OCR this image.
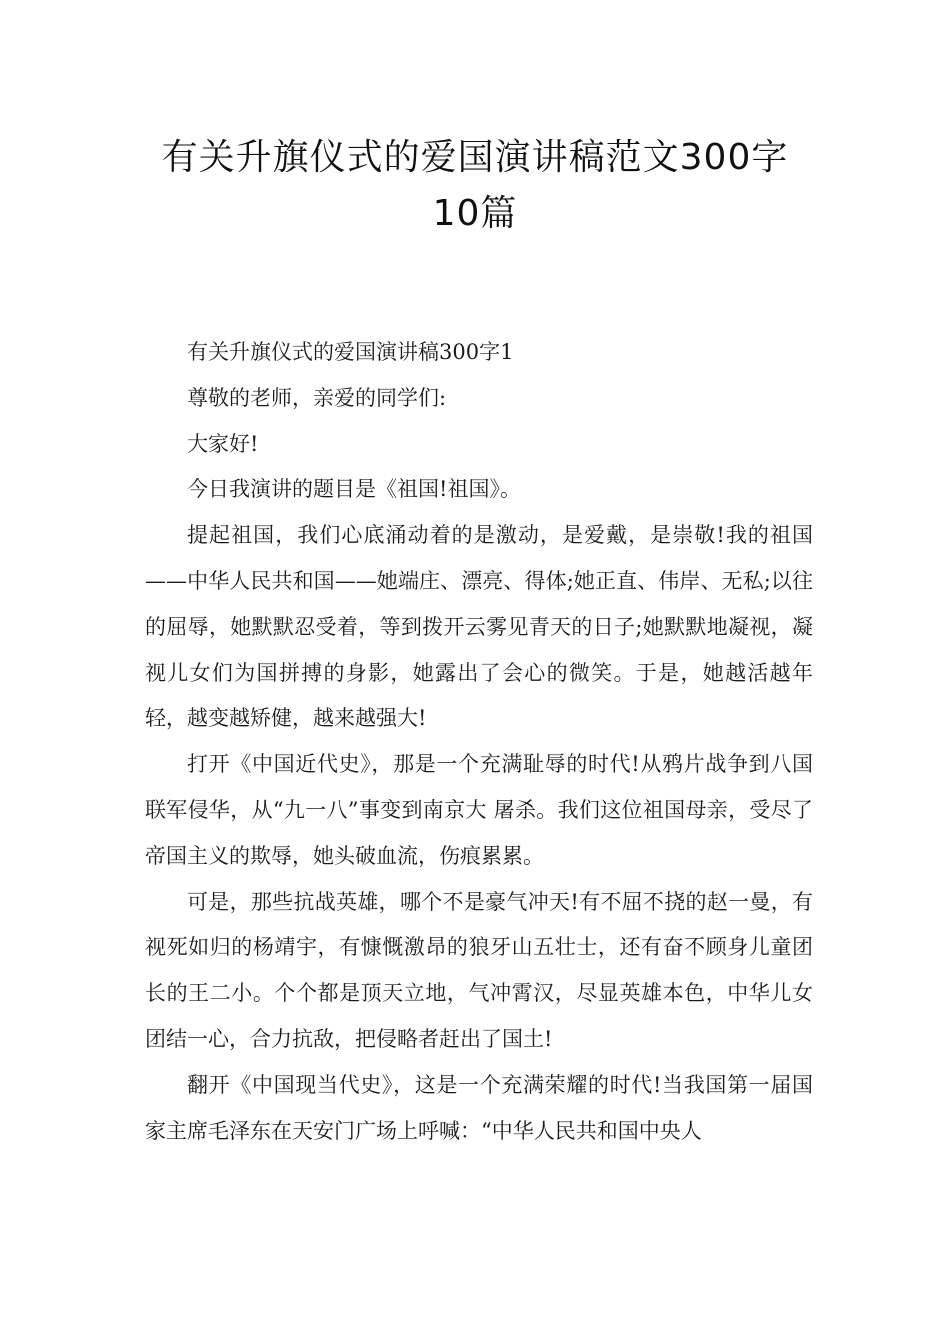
有关升旗仪式的爱国演讲稿范文300字
10篇

有关升旗仪式的爱国演讲稿300字1

尊敬的老师，亲爱的同学们:

大家好!

今日我演讲的题目是《祖国!祖国》。

提起祖国，我们心底涌动着的是激动，是爱戴，是崇敬!我的祖国——中华人民共和国——她端庄、漂亮、得体;她正直、伟岸、无私;以往的屈辱，她默默忍受着，等到拨开云雾见青天的日子;她默默地凝视，凝视儿女们为国拼搏的身影，她露出了会心的微笑。于是，她越活越年轻，越变越矫健，越来越强大!

打开《中国近代史》，那是一个充满耻辱的时代!从鸦片战争到八国联军侵华，从“九一八”事变到南京大 屠杀。我们这位祖国母亲，受尽了帝国主义的欺辱，她头破血流，伤痕累累。

可是，那些抗战英雄，哪个不是豪气冲天!有不屈不挠的赵一曼，有视死如归的杨靖宇，有慷慨激昂的狼牙山五壮士，还有奋不顾身儿童团长的王二小。个个都是顶天立地，气冲霄汉，尽显英雄本色，中华儿女团结一心，合力抗敌，把侵略者赶出了国土!

翻开《中国现当代史》，这是一个充满荣耀的时代!当我国第一届国家主席毛泽东在天安门广场上呼喊：“中华人民共和国中央人
